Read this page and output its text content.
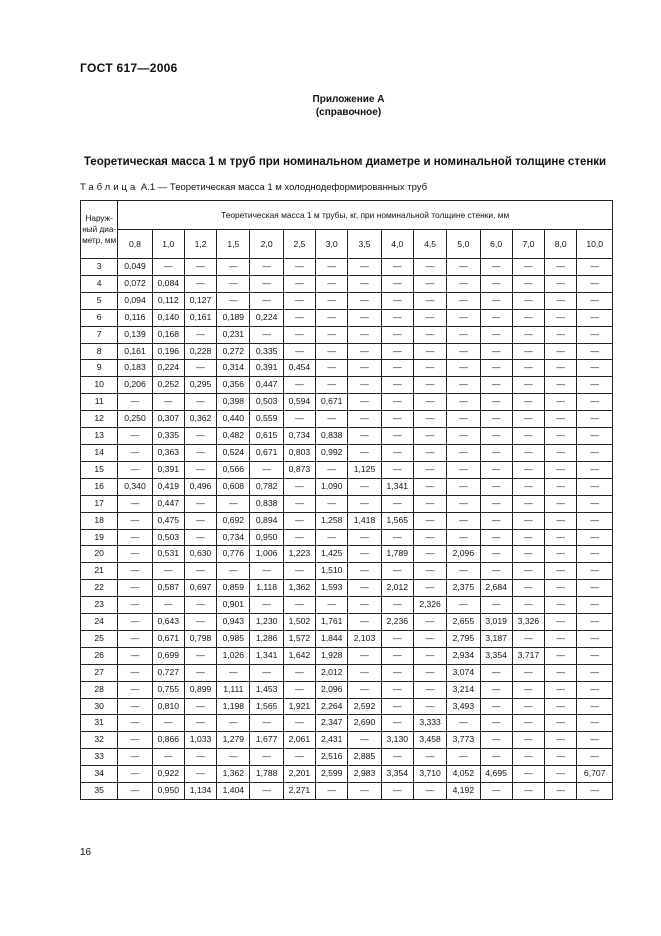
ГОСТ 617—2006
Приложение А
(справочное)
Теоретическая масса 1 м труб при номинальном диаметре и номинальной толщине стенки
Таблица А.1 — Теоретическая масса 1 м холоднодеформированных труб
Наруж-ный диа-метр, мм	Теоретическая масса 1 м трубы, кг, при номинальной толщине стенки, мм														
	0,8	1,0	1,2	1,5	2,0	2,5	3,0	3,5	4,0	4,5	5,0	6,0	7,0	8,0	10,0
3	0,049	—	—	—	—	—	—	—	—	—	—	—	—	—	—
4	0,072	0,084	—	—	—	—	—	—	—	—	—	—	—	—	—
5	0,094	0,112	0,127	—	—	—	—	—	—	—	—	—	—	—	—
6	0,116	0,140	0,161	0,189	0,224	—	—	—	—	—	—	—	—	—	—
7	0,139	0,168	—	0,231	—	—	—	—	—	—	—	—	—	—	—
8	0,161	0,196	0,228	0,272	0,335	—	—	—	—	—	—	—	—	—	—
9	0,183	0,224	—	0,314	0,391	0,454	—	—	—	—	—	—	—	—	—
10	0,206	0,252	0,295	0,356	0,447	—	—	—	—	—	—	—	—	—	—
11	—	—	—	0,398	0,503	0,594	0,671	—	—	—	—	—	—	—	—
12	0,250	0,307	0,362	0,440	0,559	—	—	—	—	—	—	—	—	—	—
13	—	0,335	—	0,482	0,615	0,734	0,838	—	—	—	—	—	—	—	—
14	—	0,363	—	0,524	0,671	0,803	0,992	—	—	—	—	—	—	—	—
15	—	0,391	—	0,566	—	0,873	—	1,125	—	—	—	—	—	—	—
16	0,340	0,419	0,496	0,608	0,782	—	1,090	—	1,341	—	—	—	—	—	—
17	—	0,447	—	—	0,838	—	—	—	—	—	—	—	—	—	—
18	—	0,475	—	0,692	0,894	—	1,258	1,418	1,565	—	—	—	—	—	—
19	—	0,503	—	0,734	0,950	—	—	—	—	—	—	—	—	—	—
20	—	0,531	0,630	0,776	1,006	1,223	1,425	—	1,789	—	2,096	—	—	—	—
21	—	—	—	—	—	—	1,510	—	—	—	—	—	—	—	—
22	—	0,587	0,697	0,859	1,118	1,362	1,593	—	2,012	—	2,375	2,684	—	—	—
23	—	—	—	0,901	—	—	—	—	—	2,326	—	—	—	—	—
24	—	0,643	—	0,943	1,230	1,502	1,761	—	2,236	—	2,655	3,019	3,326	—	—
25	—	0,671	0,798	0,985	1,286	1,572	1,844	2,103	—	—	2,795	3,187	—	—	—
26	—	0,699	—	1,026	1,341	1,642	1,928	—	—	—	2,934	3,354	3,717	—	—
27	—	0,727	—	—	—	—	2,012	—	—	—	3,074	—	—	—	—
28	—	0,755	0,899	1,111	1,453	—	2,096	—	—	—	3,214	—	—	—	—
30	—	0,810	—	1,198	1,565	1,921	2,264	2,592	—	—	3,493	—	—	—	—
31	—	—	—	—	—	—	2,347	2,690	—	3,333	—	—	—	—	—
32	—	0,866	1,033	1,279	1,677	2,061	2,431	—	3,130	3,458	3,773	—	—	—	—
33	—	—	—	—	—	—	2,516	2,885	—	—	—	—	—	—	—
34	—	0,922	—	1,362	1,788	2,201	2,599	2,983	3,354	3,710	4,052	4,695	—	—	6,707
35	—	0,950	1,134	1,404	—	2,271	—	—	—	—	4,192	—	—	—	—
16
